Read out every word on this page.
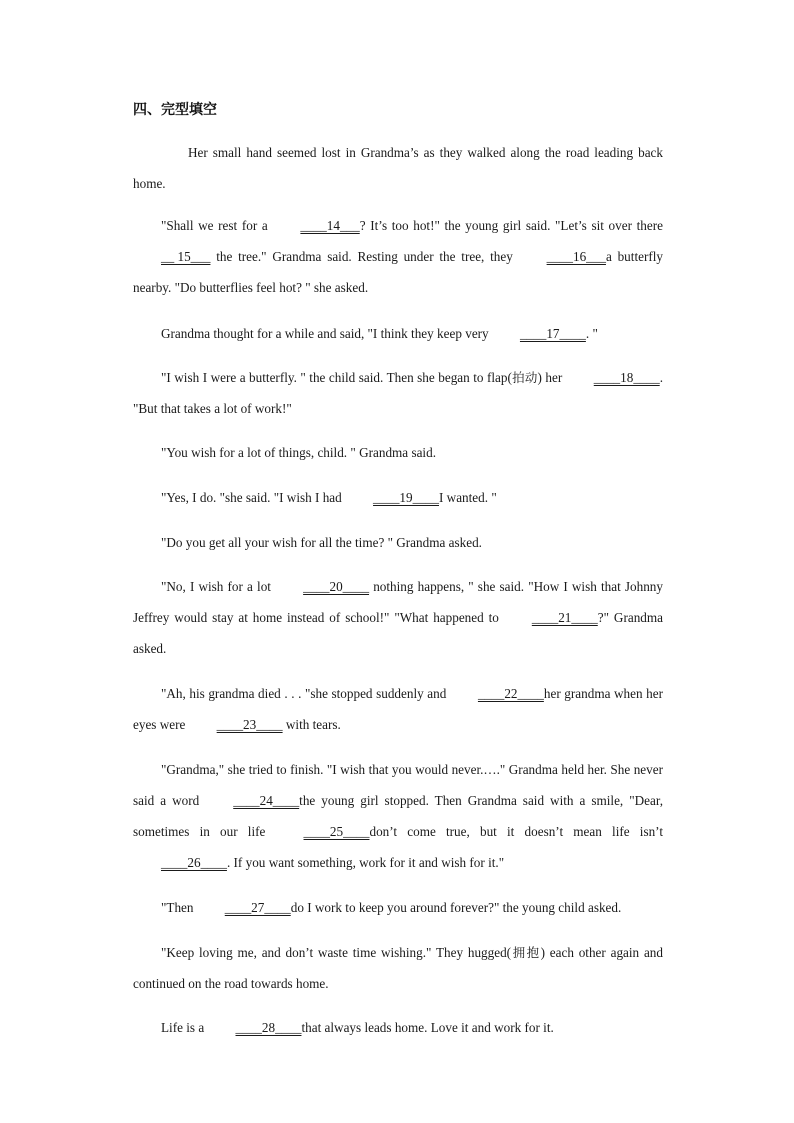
四、完型填空

Her small hand seemed lost in Grandma’s as they walked along the road leading back home.

"Shall we rest for a ____14___? It’s too hot!" the young girl said. "Let’s sit over there __ 15___ the tree." Grandma said. Resting under the tree, they ____16___a butterfly nearby. "Do butterflies feel hot? " she asked.

Grandma thought for a while and said, "I think they keep very ____17____. "

"I wish I were a butterfly. " the child said. Then she began to flap(拍动) her ____18____. "But that takes a lot of work!"

"You wish for a lot of things, child. " Grandma said.

"Yes, I do. "she said. "I wish I had ____19____I wanted. "

"Do you get all your wish for all the time? " Grandma asked.

"No, I wish for a lot ____20____ nothing happens, " she said. "How I wish that Johnny Jeffrey would stay at home instead of school!" "What happened to ____21____?" Grandma asked.

"Ah, his grandma died . . . "she stopped suddenly and ____22____her grandma when her eyes were ____23____ with tears.

"Grandma," she tried to finish. "I wish that you would never.…." Grandma held her. She never said a word ____24____the young girl stopped. Then Grandma said with a smile, "Dear, sometimes in our life ____25____don’t come true, but it doesn’t mean life isn’t ____26____. If you want something, work for it and wish for it."

"Then ____27____do I work to keep you around forever?" the young child asked.

"Keep loving me, and don’t waste time wishing." They hugged(拥抱) each other again and continued on the road towards home.

Life is a ____28____that always leads home. Love it and work for it.
